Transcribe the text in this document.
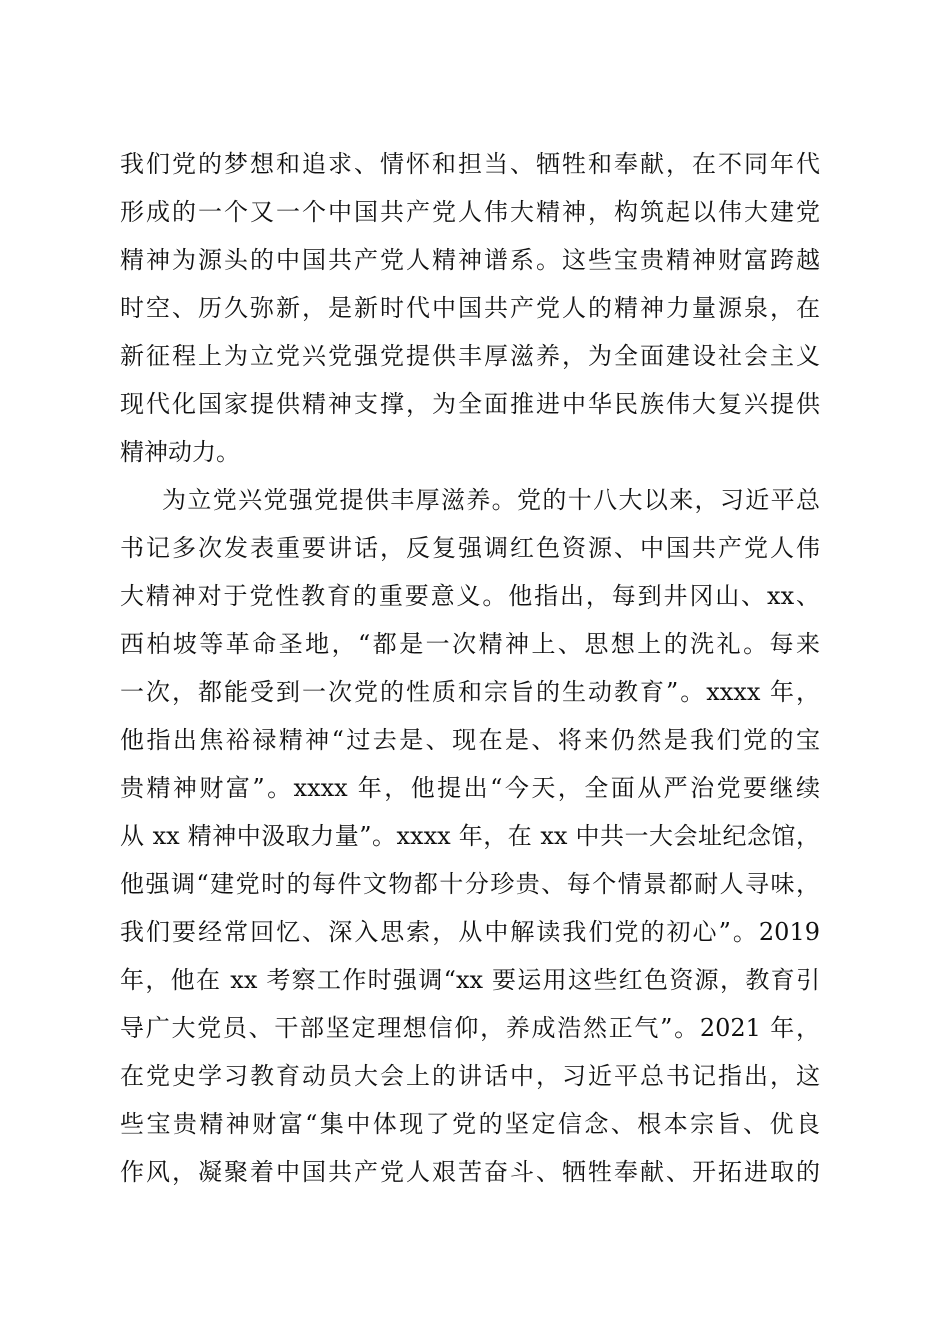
我们党的梦想和追求、情怀和担当、牺牲和奉献，在不同年代
形成的一个又一个中国共产党人伟大精神，构筑起以伟大建党
精神为源头的中国共产党人精神谱系。这些宝贵精神财富跨越
时空、历久弥新，是新时代中国共产党人的精神力量源泉，在
新征程上为立党兴党强党提供丰厚滋养，为全面建设社会主义
现代化国家提供精神支撑，为全面推进中华民族伟大复兴提供
精神动力。
为立党兴党强党提供丰厚滋养。党的十八大以来，习近平总
书记多次发表重要讲话，反复强调红色资源、中国共产党人伟
大精神对于党性教育的重要意义。他指出，每到井冈山、xx、
西柏坡等革命圣地，“都是一次精神上、思想上的洗礼。每来
一次，都能受到一次党的性质和宗旨的生动教育”。xxxx 年，
他指出焦裕禄精神“过去是、现在是、将来仍然是我们党的宝
贵精神财富”。xxxx 年，他提出“今天，全面从严治党要继续
从 xx 精神中汲取力量”。xxxx 年，在 xx 中共一大会址纪念馆，
他强调“建党时的每件文物都十分珍贵、每个情景都耐人寻味，
我们要经常回忆、深入思索，从中解读我们党的初心”。2019
年，他在 xx 考察工作时强调“xx 要运用这些红色资源，教育引
导广大党员、干部坚定理想信仰，养成浩然正气”。2021 年，
在党史学习教育动员大会上的讲话中，习近平总书记指出，这
些宝贵精神财富“集中体现了党的坚定信念、根本宗旨、优良
作风，凝聚着中国共产党人艰苦奋斗、牺牲奉献、开拓进取的
